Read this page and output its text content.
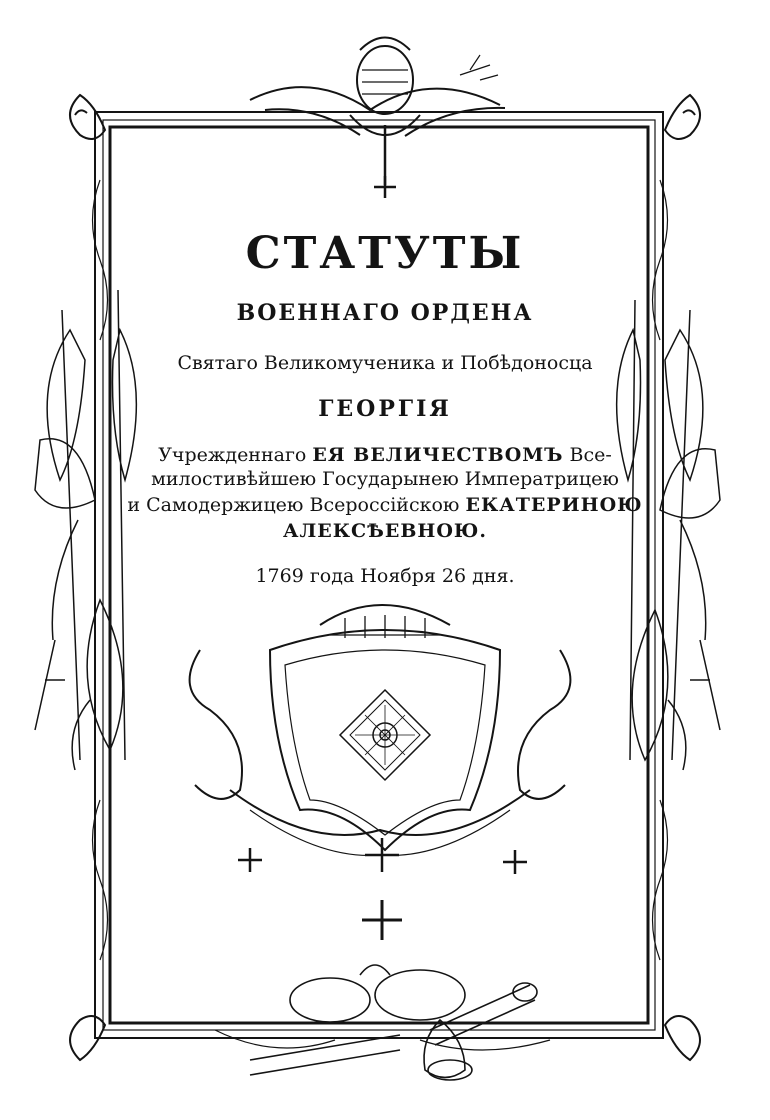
СТАТУТЫ
ВОЕННАГО ОРДЕНА
Святаго Великомученика и Побѣдоносца
ГЕОРГІЯ
Учрежденнаго ЕЯ ВЕЛИЧЕСТВОМЪ Все-
милостивѣйшею Государынею Императрицею
и Самодержицею Всероссійскою ЕКАТЕРИНОЮ
АЛЕКСѢЕВНОЮ.
1769 года Ноября 26 дня.
